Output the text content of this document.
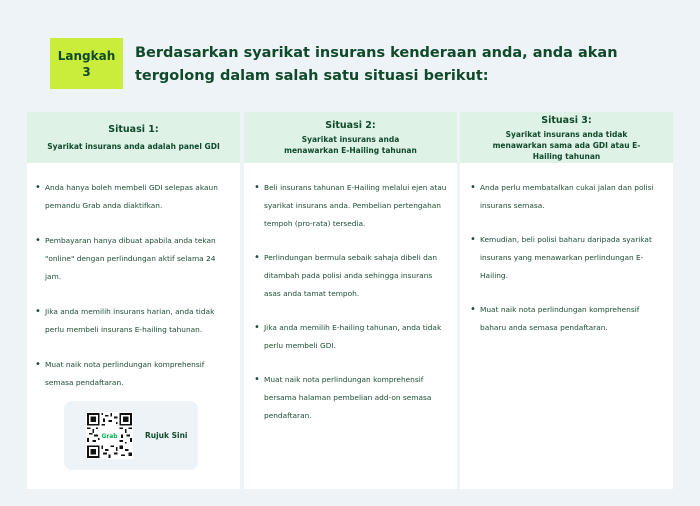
Langkah
3
Berdasarkan syarikat insurans kenderaan anda, anda akan tergolong dalam salah satu situasi berikut:
Situasi 1:
Syarikat insurans anda adalah panel GDI
• Anda hanya boleh membeli GDI selepas akaun pemandu Grab anda diaktifkan.
• Pembayaran hanya dibuat apabila anda tekan "online" dengan perlindungan aktif selama 24 jam.
• Jika anda memilih insurans harian, anda tidak perlu membeli insurans E-hailing tahunan.
• Muat naik nota perlindungan komprehensif semasa pendaftaran.
Situasi 2:
Syarikat insurans anda menawarkan E-Hailing tahunan
• Beli insurans tahunan E-Hailing melalui ejen atau syarikat insurans anda. Pembelian pertengahan tempoh (pro-rata) tersedia.
• Perlindungan bermula sebaik sahaja dibeli dan ditambah pada polisi anda sehingga insurans asas anda tamat tempoh.
• Jika anda memilih E-hailing tahunan, anda tidak perlu membeli GDI.
• Muat naik nota perlindungan komprehensif bersama halaman pembelian add-on semasa pendaftaran.
Situasi 3:
Syarikat insurans anda tidak menawarkan sama ada GDI atau E-Hailing tahunan
• Anda perlu membatalkan cukai jalan dan polisi insurans semasa.
• Kemudian, beli polisi baharu daripada syarikat insurans yang menawarkan perlindungan E-Hailing.
• Muat naik nota perlindungan komprehensif baharu anda semasa pendaftaran.
Grab	Rujuk Sini
